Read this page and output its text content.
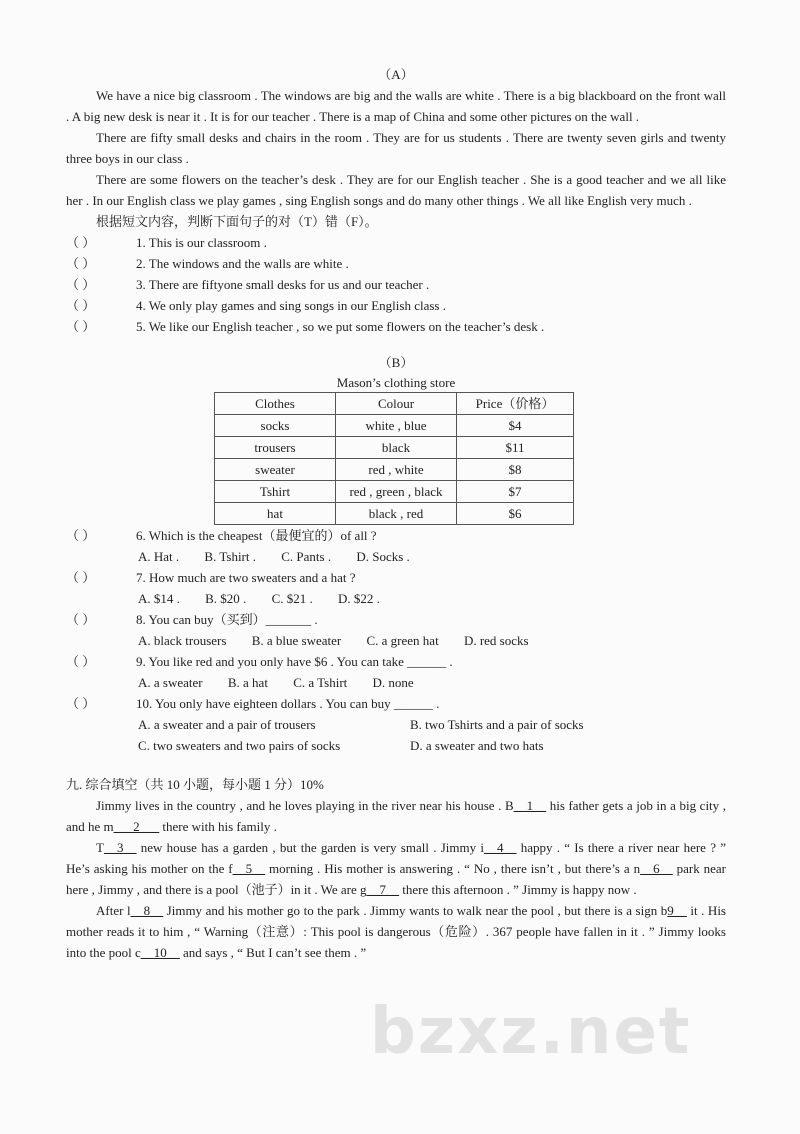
（A）

We have a nice big classroom . The windows are big and the walls are white . There is a big blackboard on the front wall . A big new desk is near it . It is for our teacher . There is a map of China and some other pictures on the wall .

There are fifty small desks and chairs in the room . They are for us students . There are twenty seven girls and twenty three boys in our class .

There are some flowers on the teacher’s desk . They are for our English teacher . She is a good teacher and we all like her . In our English class we play games , sing English songs and do many other things . We all like English very much .

根据短文内容，判断下面句子的对（T）错（F）。
（ ）	1. This is our classroom .
（ ）	2. The windows and the walls are white .
（ ）	3. There are fiftyone small desks for us and our teacher .
（ ）	4. We only play games and sing songs in our English class .
（ ）	5. We like our English teacher , so we put some flowers on the teacher’s desk .
（B）
Mason’s clothing store
Clothes	Colour	Price（价格）
socks	white , blue	$4
trousers	black	$11
sweater	red , white	$8
Tshirt	red , green , black	$7
hat	black , red	$6
（ ）	6. Which is the cheapest（最便宜的）of all ?
A. Hat . B. Tshirt . C. Pants . D. Socks .
（ ）	7. How much are two sweaters and a hat ?
A. $14 . B. $20 . C. $21 . D. $22 .
（ ）	8. You can buy（买到）_______ .
A. black trousers B. a blue sweater C. a green hat D. red socks
（ ）	9. You like red and you only have $6 . You can take ______ .
A. a sweater B. a hat C. a Tshirt D. none
（ ）	10. You only have eighteen dollars . You can buy ______ .
A. a sweater and a pair of trousers	B. two Tshirts and a pair of socks
C. two sweaters and two pairs of socks	D. a sweater and two hats
九. 综合填空（共 10 小题，每小题 1 分）10%

Jimmy lives in the country , and he loves playing in the river near his house . B__1__ his father gets a job in a big city , and he m___2___ there with his family .

T__3__ new house has a garden , but the garden is very small . Jimmy i__4__ happy . “ Is there a river near here ? ” He’s asking his mother on the f__5__ morning . His mother is answering . “ No , there isn’t , but there’s a n__6__ park near here , Jimmy , and there is a pool（池子）in it . We are g__7__ there this afternoon . ” Jimmy is happy now .

After l__8__ Jimmy and his mother go to the park . Jimmy wants to walk near the pool , but there is a sign b9__ it . His mother reads it to him , “ Warning（注意）: This pool is dangerous（危险）. 367 people have fallen in it . ” Jimmy looks into the pool c__10__ and says , “ But I can’t see them . ”

bzxz.net
